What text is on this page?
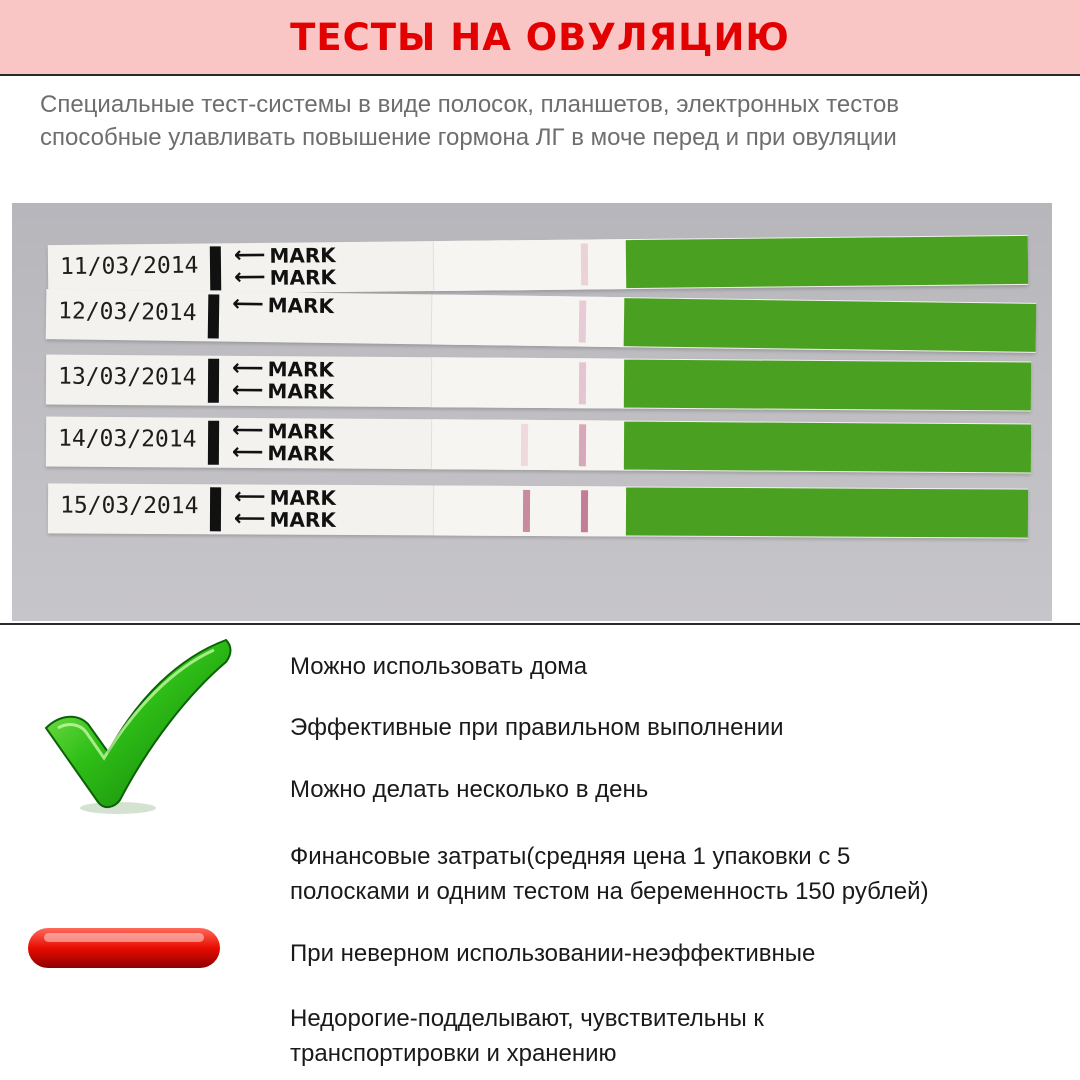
ТЕСТЫ НА ОВУЛЯЦИЮ
Специальные тест-системы в виде полосок, планшетов, электронных тестов
способные улавливать повышение гормона ЛГ в моче перед и при овуляции
11/03/2014 ⟵ MARK
⟵ MARK
12/03/2014 ⟵ MARK
13/03/2014 ⟵ MARK
⟵ MARK
14/03/2014 ⟵ MARK
⟵ MARK
15/03/2014 ⟵ MARK
⟵ MARK
Можно использовать дома
Эффективные при правильном выполнении
Можно делать несколько в день
Финансовые затраты(средняя цена 1 упаковки с 5
полосками и одним тестом на беременность 150 рублей)
При неверном использовании-неэффективные
Недорогие-подделывают, чувствительны к
транспортировки и хранению
